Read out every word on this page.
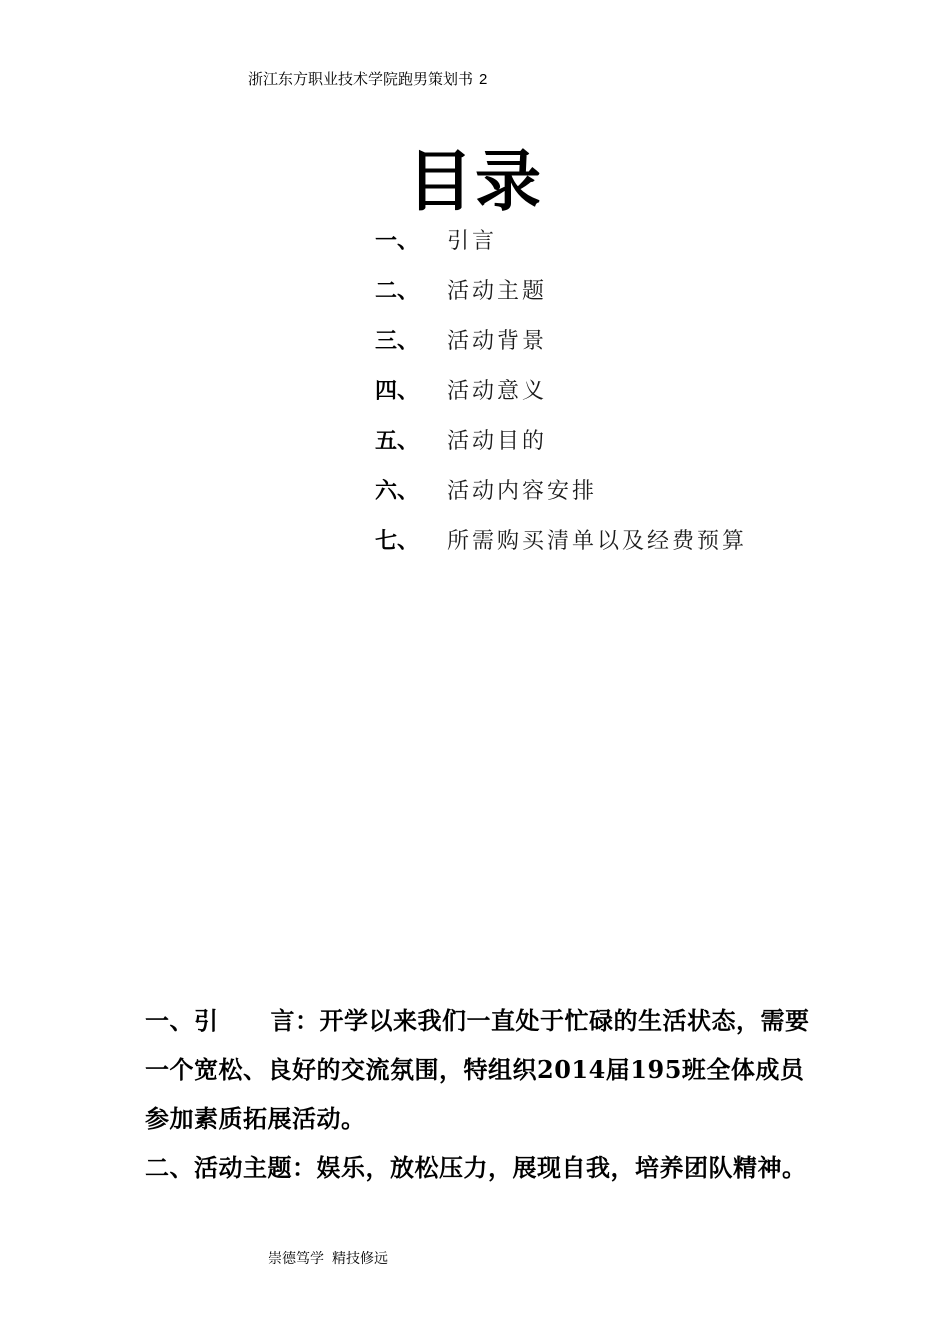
浙江东方职业技术学院跑男策划书 2
目录
一、 引言
二、 活动主题
三、 活动背景
四、 活动意义
五、 活动目的
六、 活动内容安排
七、 所需购买清单以及经费预算

一、引 言：开学以来我们一直处于忙碌的生活状态，需要

一个宽松、良好的交流氛围，特组织2014届195班全体成员

参加素质拓展活动。

二、活动主题：娱乐，放松压力，展现自我，培养团队精神。

崇德笃学 精技修远
